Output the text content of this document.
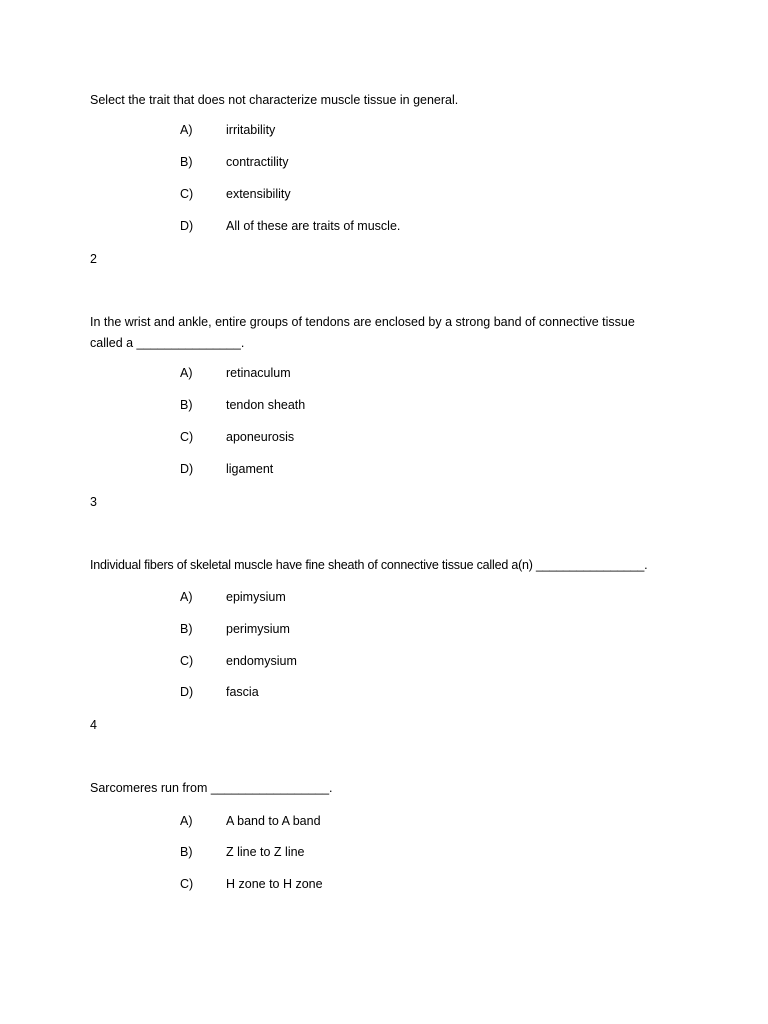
Select the trait that does not characterize muscle tissue in general.
A)	irritability
B)	contractility
C)	extensibility
D)	All of these are traits of muscle.
2
In the wrist and ankle, entire groups of tendons are enclosed by a strong band of connective tissue called a _______________.
A)	retinaculum
B)	tendon sheath
C)	aponeurosis
D)	ligament
3
Individual fibers of skeletal muscle have fine sheath of connective tissue called a(n) ________________.
A)	epimysium
B)	perimysium
C)	endomysium
D)	fascia
4
Sarcomeres run from _________________.
A)	A band to A band
B)	Z line to Z line
C)	H zone to H zone
